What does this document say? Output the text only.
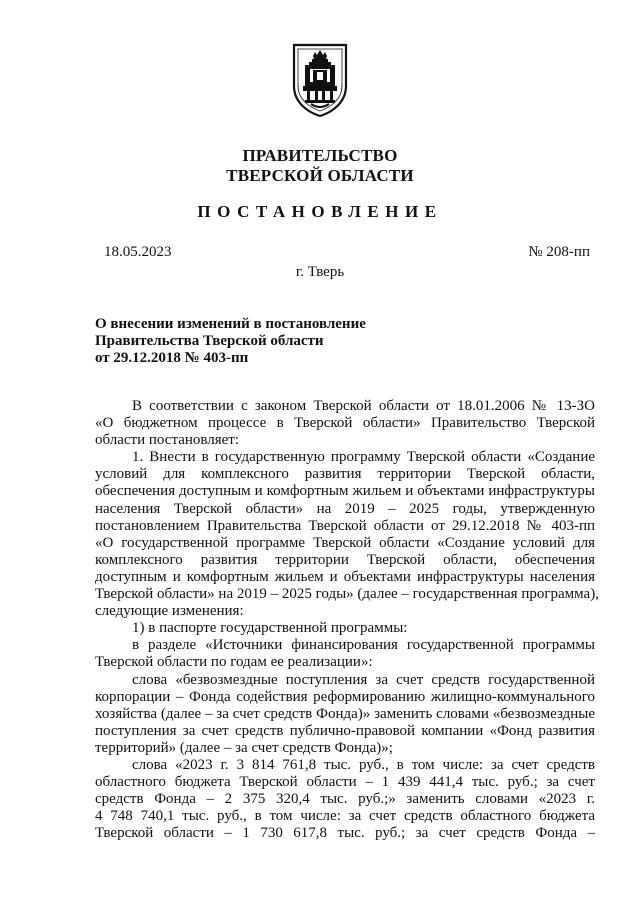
ПРАВИТЕЛЬСТВО
ТВЕРСКОЙ ОБЛАСТИ
ПОСТАНОВЛЕНИЕ
18.05.2023	№ 208-пп
г. Тверь
О внесении изменений в постановление
Правительства Тверской области
от 29.12.2018 № 403-пп
В соответствии с законом Тверской области от 18.01.2006 № 13-ЗО
«О бюджетном процессе в Тверской области» Правительство Тверской
области постановляет:
1. Внести в государственную программу Тверской области «Создание
условий для комплексного развития территории Тверской области,
обеспечения доступным и комфортным жильем и объектами инфраструктуры
населения Тверской области» на 2019 – 2025 годы, утвержденную
постановлением Правительства Тверской области от 29.12.2018 № 403-пп
«О государственной программе Тверской области «Создание условий для
комплексного развития территории Тверской области, обеспечения
доступным и комфортным жильем и объектами инфраструктуры населения
Тверской области» на 2019 – 2025 годы» (далее – государственная программа),
следующие изменения:
1) в паспорте государственной программы:
в разделе «Источники финансирования государственной программы
Тверской области по годам ее реализации»:
слова «безвозмездные поступления за счет средств государственной
корпорации – Фонда содействия реформированию жилищно-коммунального
хозяйства (далее – за счет средств Фонда)» заменить словами «безвозмездные
поступления за счет средств публично-правовой компании «Фонд развития
территорий» (далее – за счет средств Фонда)»;
слова «2023 г. 3 814 761,8 тыс. руб., в том числе: за счет средств
областного бюджета Тверской области – 1 439 441,4 тыс. руб.; за счет
средств Фонда – 2 375 320,4 тыс. руб.;» заменить словами «2023 г.
4 748 740,1 тыс. руб., в том числе: за счет средств областного бюджета
Тверской области – 1 730 617,8 тыс. руб.; за счет средств Фонда –
